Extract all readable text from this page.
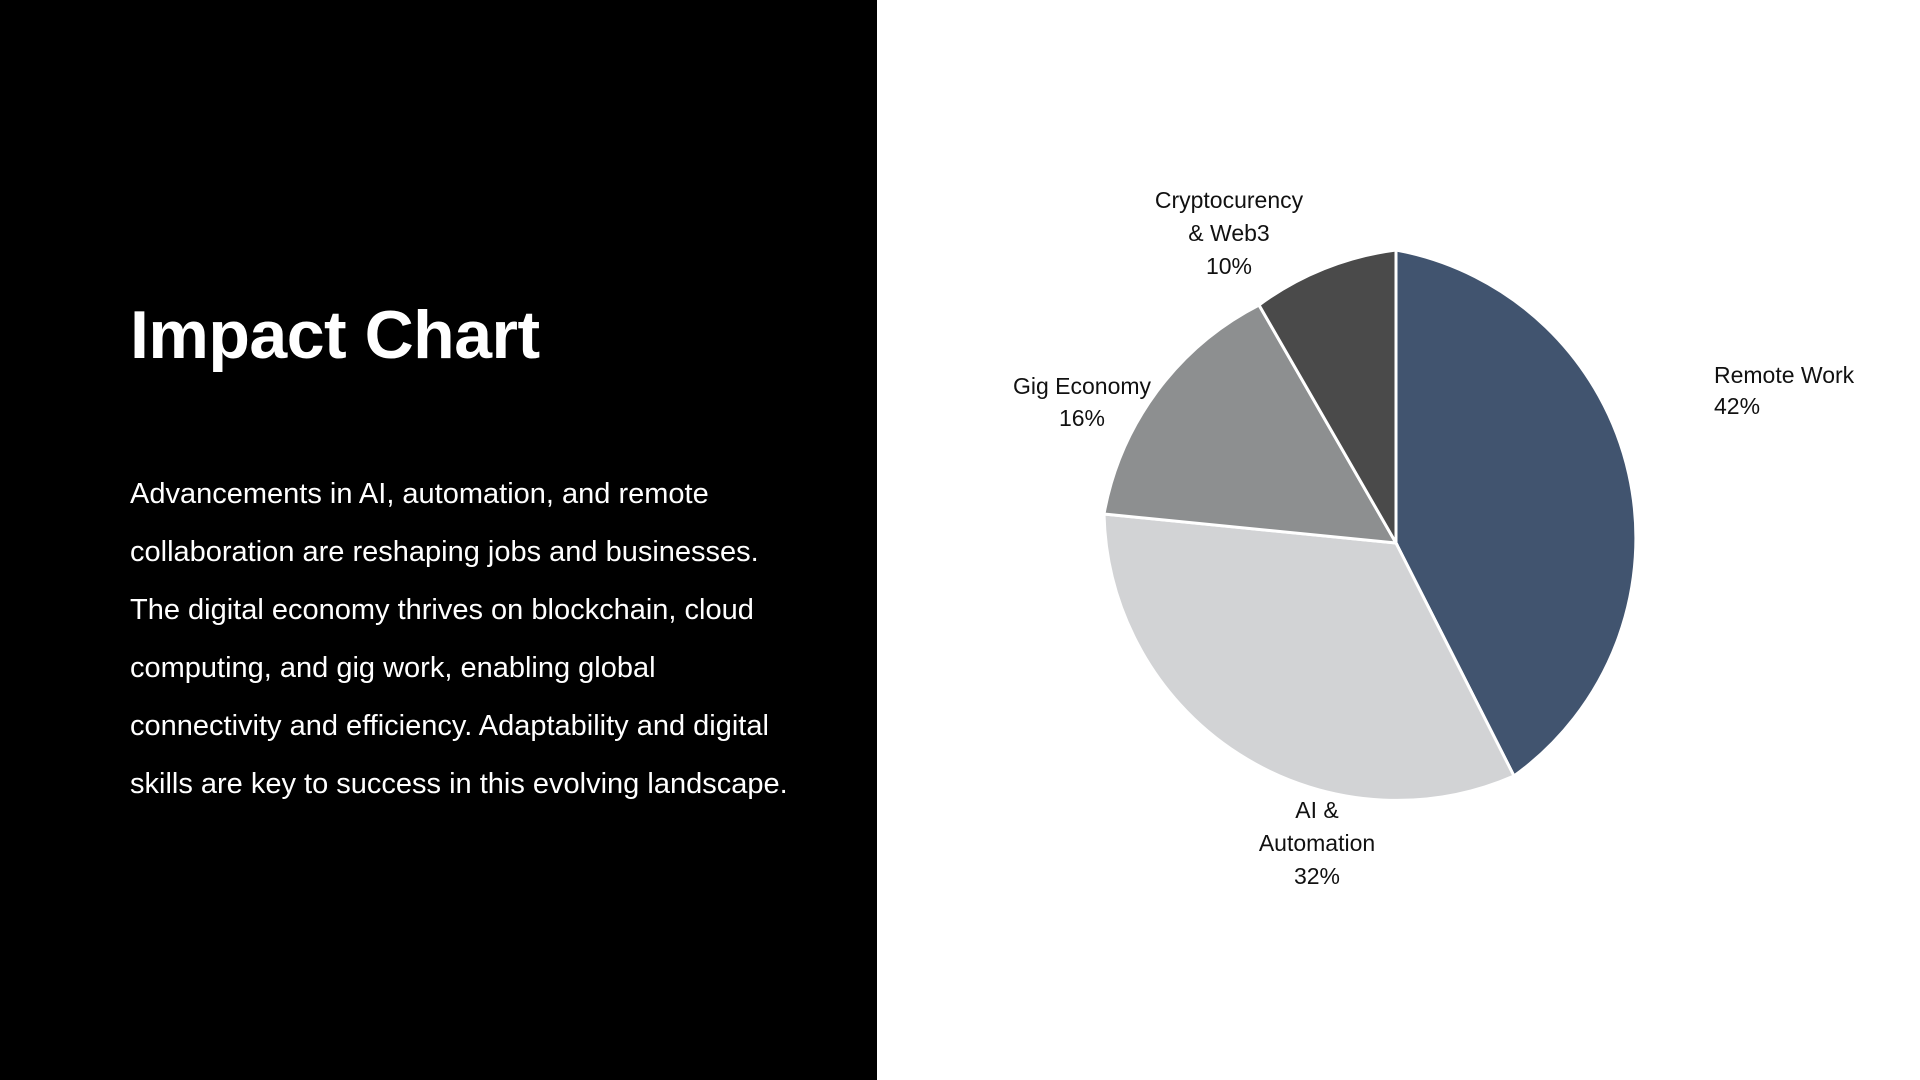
Impact Chart

Advancements in AI, automation, and remote collaboration are reshaping jobs and businesses. The digital economy thrives on blockchain, cloud computing, and gig work, enabling global connectivity and efficiency. Adaptability and digital skills are key to success in this evolving landscape.

Remote Work
42%
AI &
Automation
32%
Gig Economy
16%
Cryptocurency
& Web3
10%
